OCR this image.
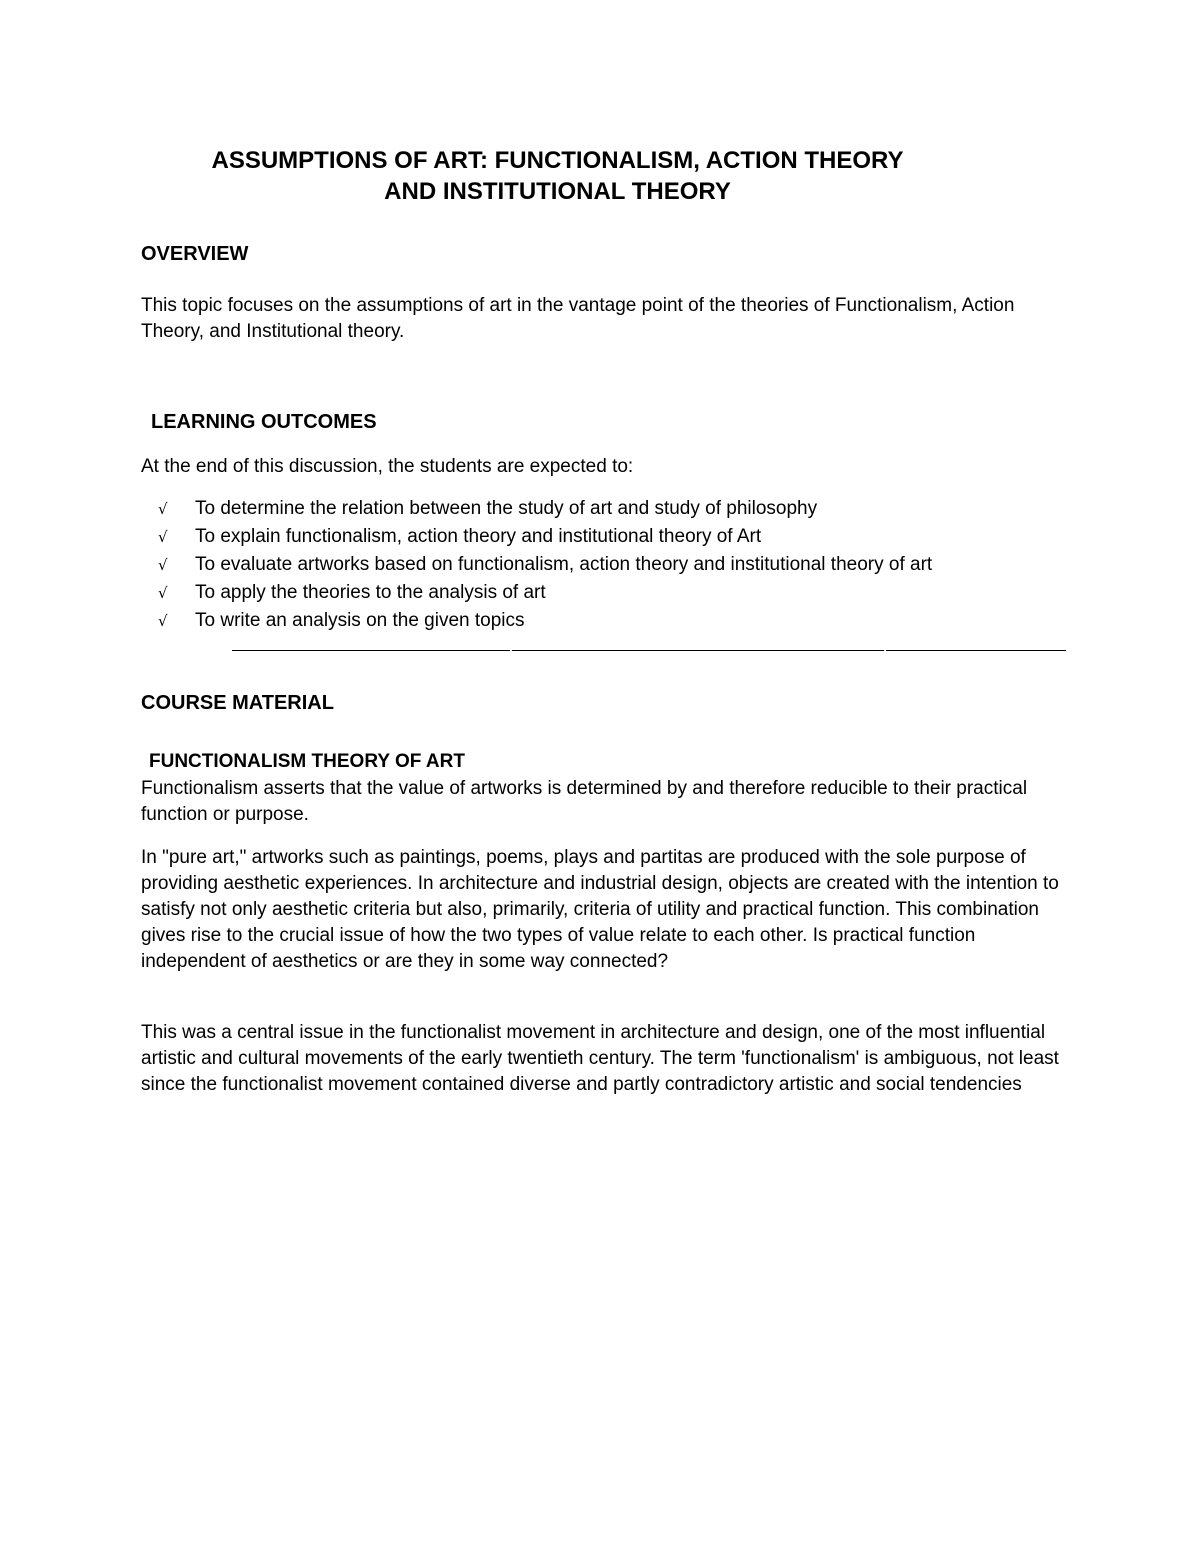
ASSUMPTIONS OF ART: FUNCTIONALISM, ACTION THEORY
AND INSTITUTIONAL THEORY
OVERVIEW

This topic focuses on the assumptions of art in the vantage point of the theories of Functionalism, Action Theory, and Institutional theory.

LEARNING OUTCOMES

At the end of this discussion, the students are expected to:

√	To determine the relation between the study of art and study of philosophy
√	To explain functionalism, action theory and institutional theory of Art
√	To evaluate artworks based on functionalism, action theory and institutional theory of art
√	To apply the theories to the analysis of art
√	To write an analysis on the given topics
COURSE MATERIAL
FUNCTIONALISM THEORY OF ART

Functionalism asserts that the value of artworks is determined by and therefore reducible to their practical function or purpose.

In "pure art," artworks such as paintings, poems, plays and partitas are produced with the sole purpose of providing aesthetic experiences. In architecture and industrial design, objects are created with the intention to satisfy not only aesthetic criteria but also, primarily, criteria of utility and practical function. This combination gives rise to the crucial issue of how the two types of value relate to each other. Is practical function independent of aesthetics or are they in some way connected?

This was a central issue in the functionalist movement in architecture and design, one of the most influential artistic and cultural movements of the early twentieth century. The term 'functionalism' is ambiguous, not least since the functionalist movement contained diverse and partly contradictory artistic and social tendencies
